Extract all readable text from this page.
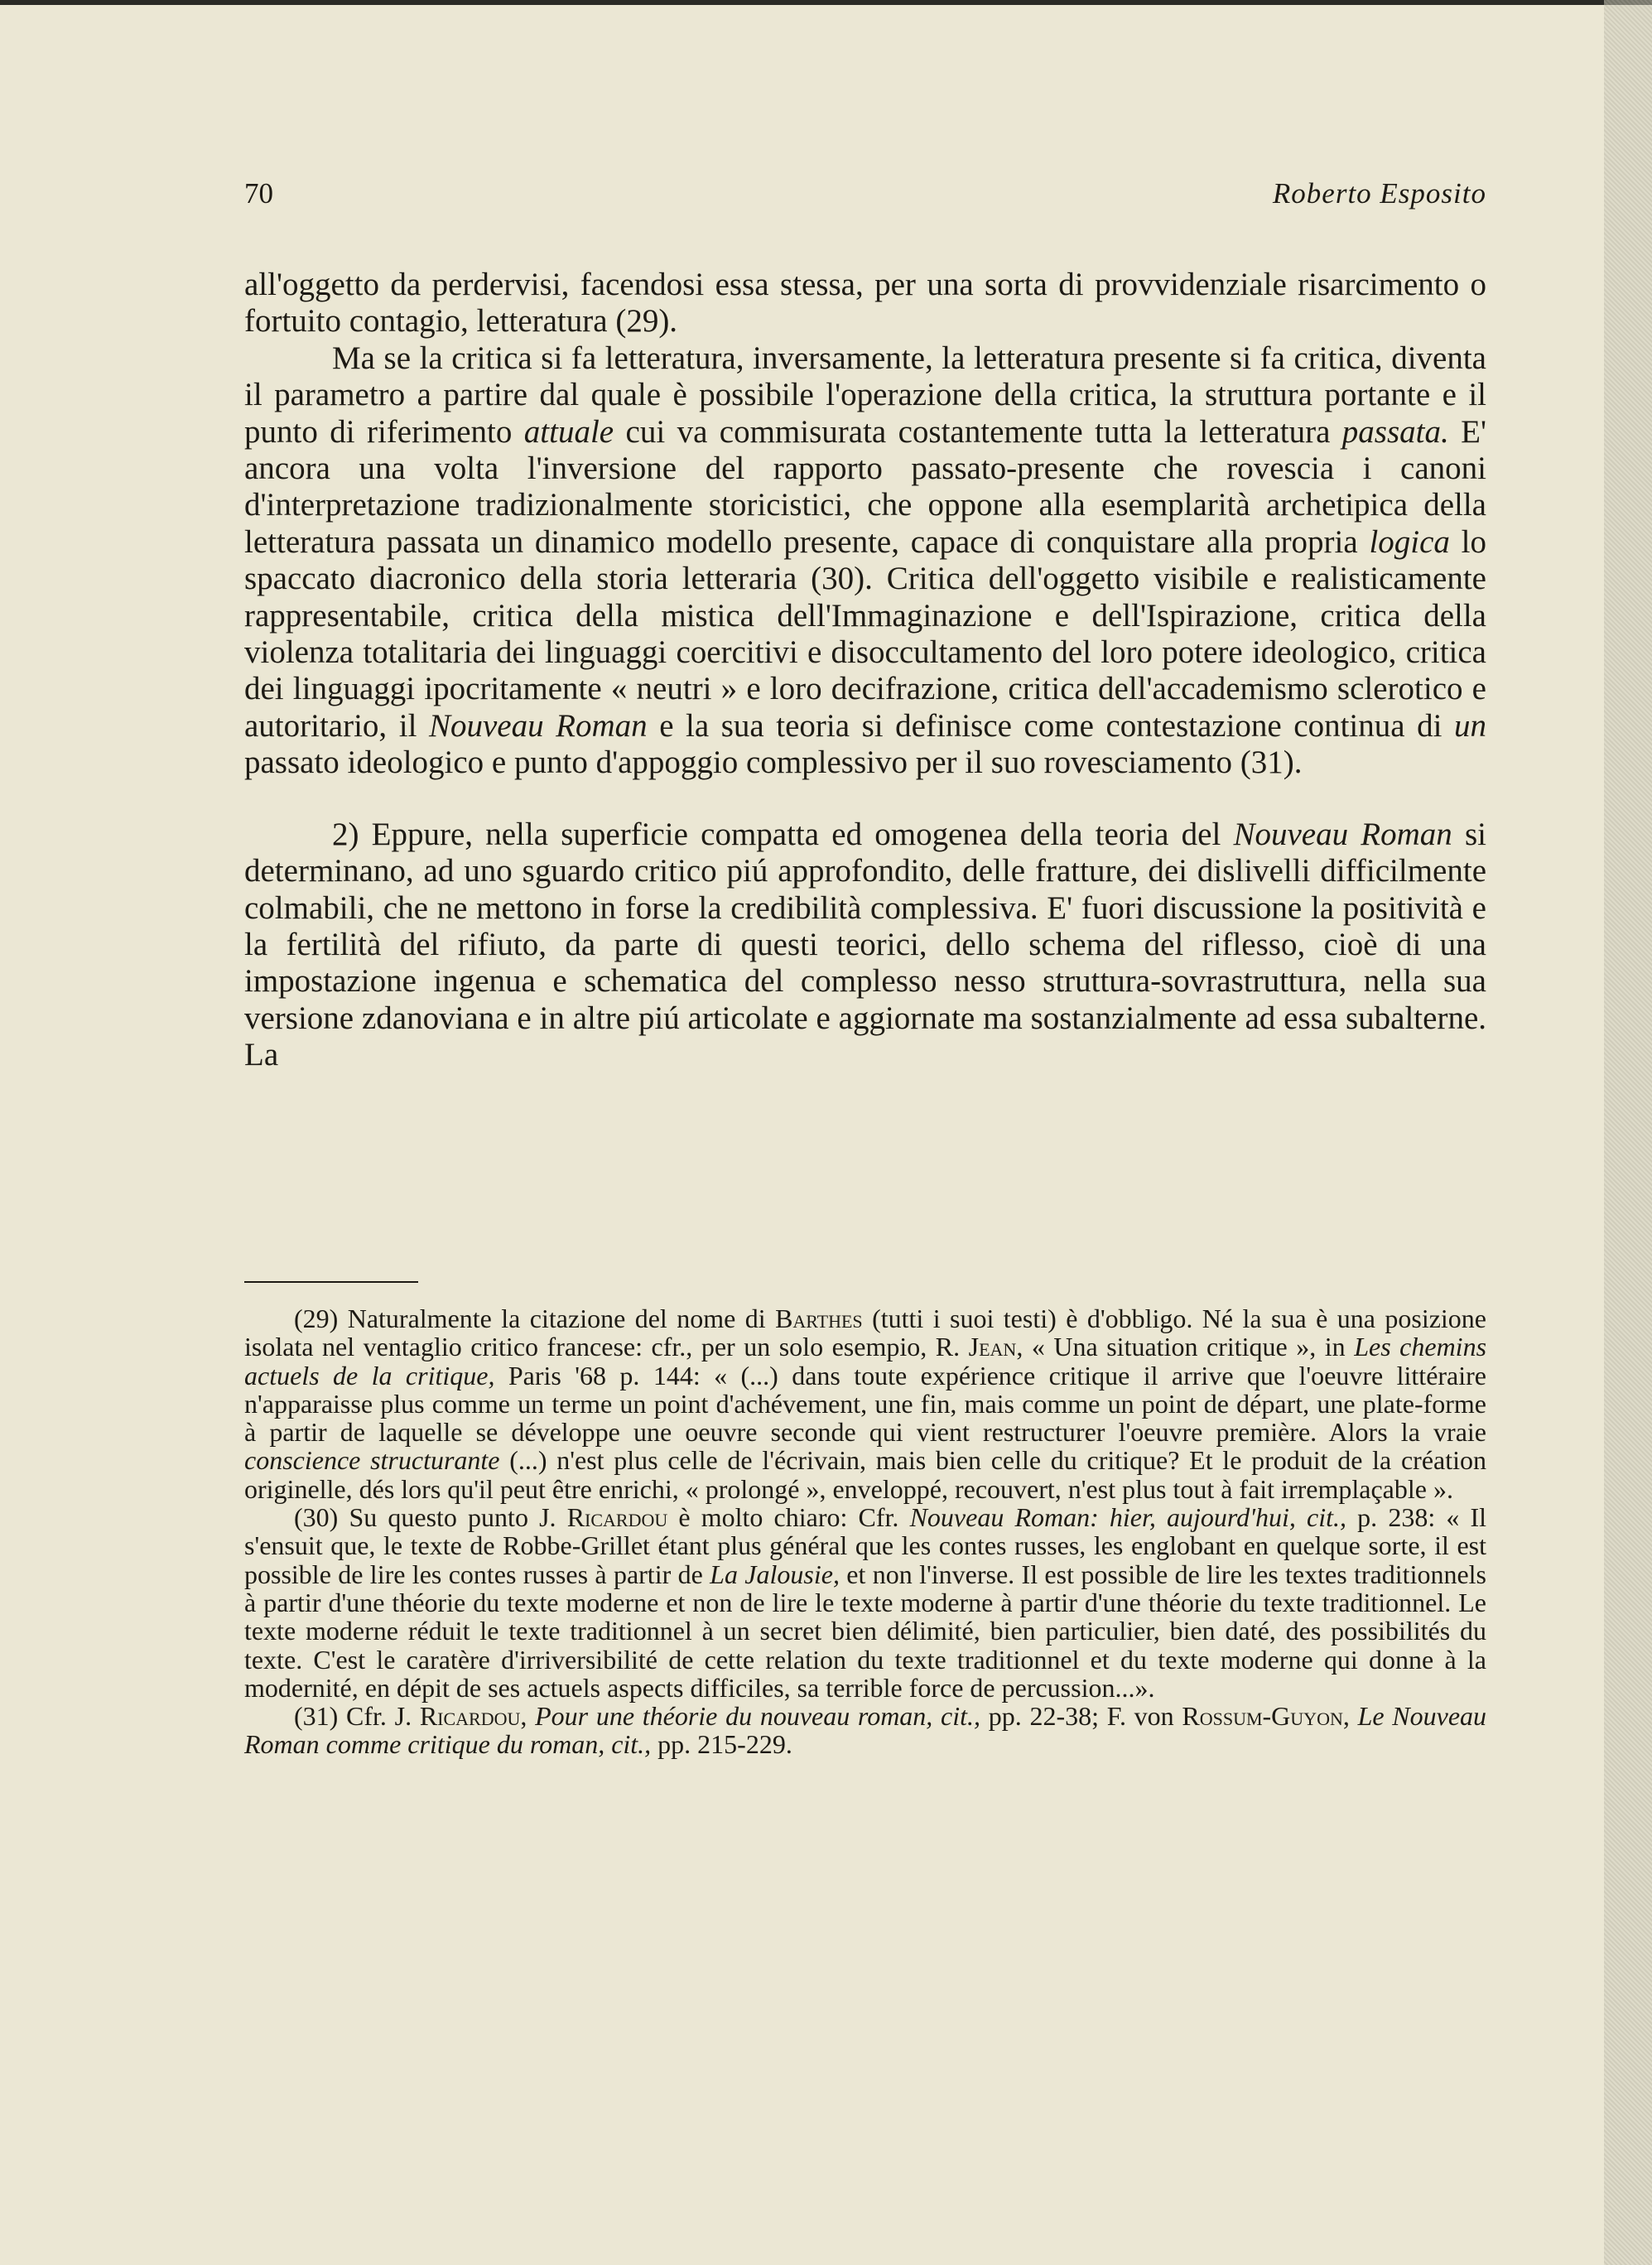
70	Roberto Esposito

all'oggetto da perdervisi, facendosi essa stessa, per una sorta di provvidenziale risarcimento o fortuito contagio, letteratura (29).

Ma se la critica si fa letteratura, inversamente, la letteratura presente si fa critica, diventa il parametro a partire dal quale è possibile l'operazione della critica, la struttura portante e il punto di riferimento attuale cui va commisurata costantemente tutta la letteratura passata. E' ancora una volta l'inversione del rapporto passato-presente che rovescia i canoni d'interpretazione tradizionalmente storicistici, che oppone alla esemplarità archetipica della letteratura passata un dinamico modello presente, capace di conquistare alla propria logica lo spaccato diacronico della storia letteraria (30). Critica dell'oggetto visibile e realisticamente rappresentabile, critica della mistica dell'Immaginazione e dell'Ispirazione, critica della violenza totalitaria dei linguaggi coercitivi e disoccultamento del loro potere ideologico, critica dei linguaggi ipocritamente « neutri » e loro decifrazione, critica dell'accademismo sclerotico e autoritario, il Nouveau Roman e la sua teoria si definisce come contestazione continua di un passato ideologico e punto d'appoggio complessivo per il suo rovesciamento (31).

2) Eppure, nella superficie compatta ed omogenea della teoria del Nouveau Roman si determinano, ad uno sguardo critico piú approfondito, delle fratture, dei dislivelli difficilmente colmabili, che ne mettono in forse la credibilità complessiva. E' fuori discussione la positività e la fertilità del rifiuto, da parte di questi teorici, dello schema del riflesso, cioè di una impostazione ingenua e schematica del complesso nesso struttura-sovrastruttura, nella sua versione zdanoviana e in altre piú articolate e aggiornate ma sostanzialmente ad essa subalterne. La

(29) Naturalmente la citazione del nome di Barthes (tutti i suoi testi) è d'obbligo. Né la sua è una posizione isolata nel ventaglio critico francese: cfr., per un solo esempio, R. Jean, « Una situation critique », in Les chemins actuels de la critique, Paris '68 p. 144: « (...) dans toute expérience critique il arrive que l'oeuvre littéraire n'apparaisse plus comme un terme un point d'achévement, une fin, mais comme un point de départ, une plate-forme à partir de laquelle se développe une oeuvre seconde qui vient restructurer l'oeuvre première. Alors la vraie conscience structurante (...) n'est plus celle de l'écrivain, mais bien celle du critique? Et le produit de la création originelle, dés lors qu'il peut être enrichi, « prolongé », enveloppé, recouvert, n'est plus tout à fait irremplaçable ».

(30) Su questo punto J. Ricardou è molto chiaro: Cfr. Nouveau Roman: hier, aujourd'hui, cit., p. 238: « Il s'ensuit que, le texte de Robbe-Grillet étant plus général que les contes russes, les englobant en quelque sorte, il est possible de lire les contes russes à partir de La Jalousie, et non l'inverse. Il est possible de lire les textes traditionnels à partir d'une théorie du texte moderne et non de lire le texte moderne à partir d'une théorie du texte traditionnel. Le texte moderne réduit le texte traditionnel à un secret bien délimité, bien particulier, bien daté, des possibilités du texte. C'est le caratère d'irriversibilité de cette relation du texte traditionnel et du texte moderne qui donne à la modernité, en dépit de ses actuels aspects difficiles, sa terrible force de percussion...».

(31) Cfr. J. Ricardou, Pour une théorie du nouveau roman, cit., pp. 22-38; F. von Rossum-Guyon, Le Nouveau Roman comme critique du roman, cit., pp. 215-229.
